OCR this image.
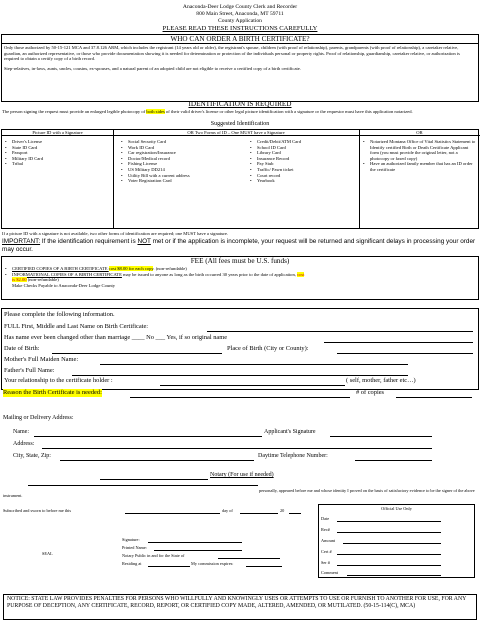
Anaconda-Deer Lodge County Clerk and Recorder
800 Main Street, Anaconda, MT 59711
County Application
PLEASE READ THESE INSTRUCTIONS CAREFULLY
WHO CAN ORDER A BIRTH CERTIFICATE?
Only those authorized by 50-15-121 MCA and 37.8.126 ARM, which includes the registrant (14 years old or older), the registrant's spouse, children (with proof of relationship), parents, grandparents (with proof of relationship), a caretaker relative, guardian, an authorized representative, or those who provide documentation showing it is needed for determination or protection of the individuals personal or property rights. Proof of relationship, guardianship, caretaker relative, or authorization is required to obtain a certify copy of a birth record.
Step-relatives, in-laws, aunts, uncles, cousins, ex-spouses, and a natural parent of an adopted child are not eligible to receive a certified copy of a birth certificate.
IDENTIFICATION IS REQUIRED
The person signing the request must provide an enlarged legible photocopy of both sides of their valid driver's license or other legal picture identification with a signature or the requestor must have this application notarized.
Suggested Identification
Picture ID with a Signature	OR Two Forms of ID – One MUST have a Signature	OR
• Driver's License
• State ID Card
• Passport
• Military ID Card
• Tribal
• Social Security Card
• Work ID Card
• Car registration/Insurance
• Doctor/Medical record
• Fishing License
• US Military DD214
• Utility Bill with a current address
• Voter Registration Card
• Credit/Debit/ATM Card
• School ID Card
• Library Card
• Insurance Record
• Pay Stub
• Traffic/ Pawn ticket
• Court record
• Yearbook
• Notarized Montana Office of Vital Statistics Statement to Identify certified Birth or Death Certificate Applicant form (you must provide the original letter, not a photocopy or faxed copy)
• Have an authorized family member that has an ID order the certificate
If a picture ID with a signature is not available, two other forms of identification are required; one MUST have a signature.
IMPORTANT: If the identification requirement is NOT met or if the application is incomplete, your request will be returned and significant delays in processing your order may occur.
FEE (All fees must be U.S. funds)
• CERTIFIED COPIES OF A BIRTH CERTIFICATE cost $8.00 for each copy. (non-refundable)
• INFORMATIONAL COPIES OF A BIRTH CERTIFICATE may be issued to anyone as long as the birth occurred 30 years prior to the date of application, cost
is $2.00 (non-refundable)
Make Checks Payable to Anaconda-Deer Lodge County
Please complete the following information.
FULL First, Middle and Last Name on Birth Certificate:
Has name ever been changed other than marriage ____ No ___ Yes, if so original name
Date of Birth:	Place of Birth (City or County):
Mother's Full Maiden Name:
Father's Full Name:
Your relationship to the certificate holder :	( self, mother, father etc…)
Reason the Birth Certificate is needed:	# of copies
Mailing or Delivery Address:
Name:	Applicant's Signature
Address:
City, State, Zip:	Daytime Telephone Number:
Notary (For use if needed)
personally, appeared before me and whose identity I proved on the basis of satisfactory evidence to be the signer of the above instrument.
Subscribed and sworn to before me this	day of	20
SEAL
Signature:
Printed Name:
Notary Public in and for the State of
Residing at	My commission expires:
Official Use Only
Date
Rec#
Amount
Cert #
Ser #
Comment
NOTICE: STATE LAW PROVIDES PENALTIES FOR PERSONS WHO WILLFULLY AND KNOWINGLY USES OR ATTEMPTS TO USE OR FURNISH TO ANOTHER FOR USE, FOR ANY PURPOSE OF DECEPTION, ANY CERTIFICATE, RECORD, REPORT, OR CERTIFIED COPY MADE, ALTERED, AMENDED, OR MUTILATED. (50-15-114(C), MCA)
